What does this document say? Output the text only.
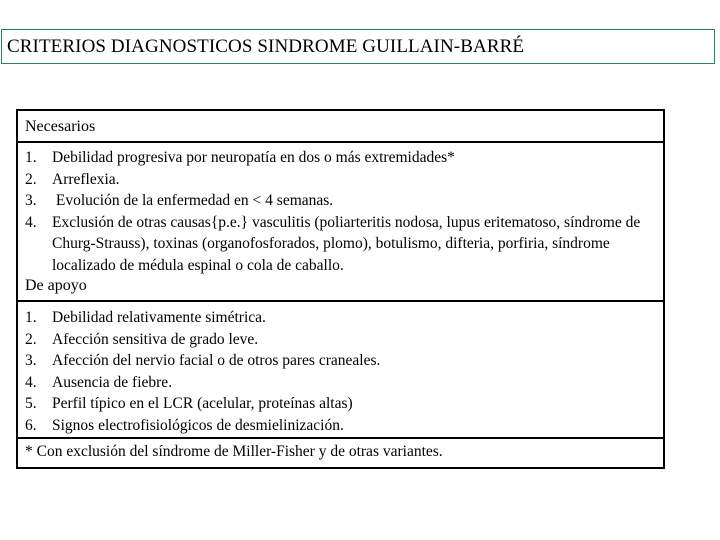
CRITERIOS DIAGNOSTICOS SINDROME GUILLAIN-BARRÉ
Necesarios
1. Debilidad progresiva por neuropatía en dos o más extremidades*
2. Arreflexia.
3. Evolución de la enfermedad en < 4 semanas.
4. Exclusión de otras causas{p.e.} vasculitis (poliarteritis nodosa, lupus eritematoso, síndrome de Churg-Strauss), toxinas (organofosforados, plomo), botulismo, difteria, porfiria, síndrome localizado de médula espinal o cola de caballo.
De apoyo
1. Debilidad relativamente simétrica.
2. Afección sensitiva de grado leve.
3. Afección del nervio facial o de otros pares craneales.
4. Ausencia de fiebre.
5. Perfil típico en el LCR (acelular, proteínas altas)
6. Signos electrofisiológicos de desmielinización.
* Con exclusión del síndrome de Miller-Fisher y de otras variantes.
